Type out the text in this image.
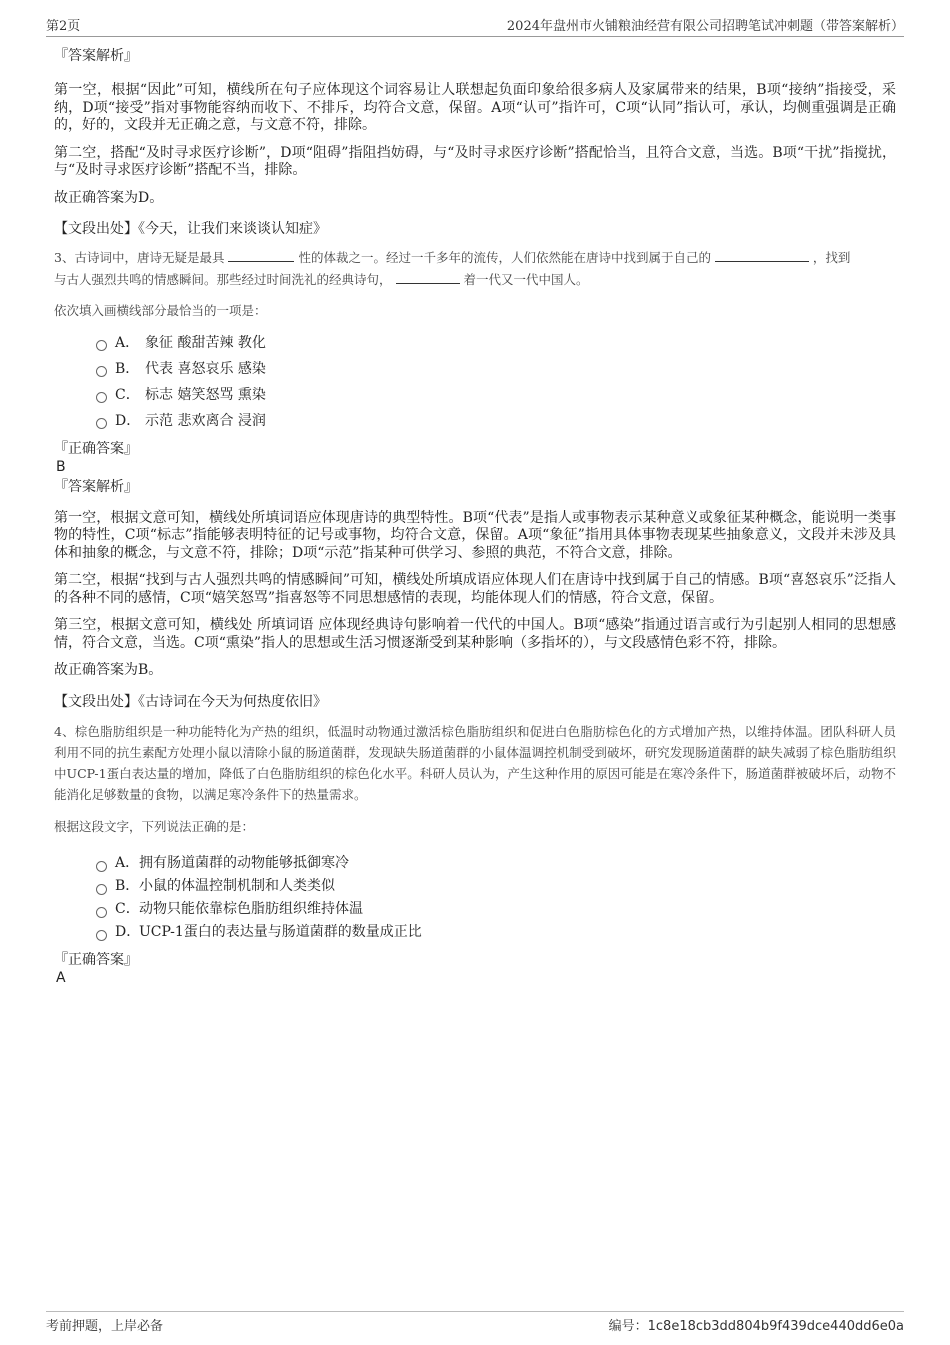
第2页	2024年盘州市火铺粮油经营有限公司招聘笔试冲刺题（带答案解析）

『答案解析』

第一空，根据“因此”可知，横线所在句子应体现这个词容易让人联想起负面印象给很多病人及家属带来的结果，B项“接纳”指接受，采纳，D项“接受”指对事物能容纳而收下、不排斥，均符合文意，保留。A项“认可”指许可，C项“认同”指认可，承认，均侧重强调是正确的，好的，文段并无正确之意，与文意不符，排除。

第二空，搭配“及时寻求医疗诊断”，D项“阻碍”指阻挡妨碍，与“及时寻求医疗诊断”搭配恰当，且符合文意，当选。B项“干扰”指搅扰，与“及时寻求医疗诊断”搭配不当，排除。

故正确答案为D。

【文段出处】《今天，让我们来谈谈认知症》

3、古诗词中，唐诗无疑是最具	性的体裁之一。经过一千多年的流传，人们依然能在唐诗中找到属于自己的	，找到
与古人强烈共鸣的情感瞬间。那些经过时间洗礼的经典诗句，	着一代又一代中国人。

依次填入画横线部分最恰当的一项是：

A． 象征 酸甜苦辣 教化
B． 代表 喜怒哀乐 感染
C． 标志 嬉笑怒骂 熏染
D． 示范 悲欢离合 浸润

『正确答案』

B

『答案解析』

第一空，根据文意可知，横线处所填词语应体现唐诗的典型特性。B项“代表”是指人或事物表示某种意义或象征某种概念，能说明一类事物的特性，C项“标志”指能够表明特征的记号或事物，均符合文意，保留。A项“象征”指用具体事物表现某些抽象意义，文段并未涉及具体和抽象的概念，与文意不符，排除；D项“示范”指某种可供学习、参照的典范，不符合文意，排除。

第二空，根据“找到与古人强烈共鸣的情感瞬间”可知，横线处所填成语应体现人们在唐诗中找到属于自己的情感。B项“喜怒哀乐”泛指人的各种不同的感情，C项“嬉笑怒骂”指喜怒等不同思想感情的表现，均能体现人们的情感，符合文意，保留。

第三空，根据文意可知，横线处 所填词语 应体现经典诗句影响着一代代的中国人。B项“感染”指通过语言或行为引起别人相同的思想感情，符合文意，当选。C项“熏染”指人的思想或生活习惯逐渐受到某种影响（多指坏的），与文段感情色彩不符，排除。

故正确答案为B。

【文段出处】《古诗词在今天为何热度依旧》

4、棕色脂肪组织是一种功能特化为产热的组织，低温时动物通过激活棕色脂肪组织和促进白色脂肪棕色化的方式增加产热，以维持体温。团队科研人员利用不同的抗生素配方处理小鼠以清除小鼠的肠道菌群，发现缺失肠道菌群的小鼠体温调控机制受到破坏，研究发现肠道菌群的缺失减弱了棕色脂肪组织中UCP-1蛋白表达量的增加，降低了白色脂肪组织的棕色化水平。科研人员认为，产生这种作用的原因可能是在寒冷条件下，肠道菌群被破坏后，动物不能消化足够数量的食物，以满足寒冷条件下的热量需求。

根据这段文字，下列说法正确的是：

A． 拥有肠道菌群的动物能够抵御寒冷
B． 小鼠的体温控制机制和人类类似
C． 动物只能依靠棕色脂肪组织维持体温
D．
UCP-1蛋白的表达量与肠道菌群的数量成正比

『正确答案』

A

考前押题，上岸必备	编号：1c8e18cb3dd804b9f439dce440dd6e0a
